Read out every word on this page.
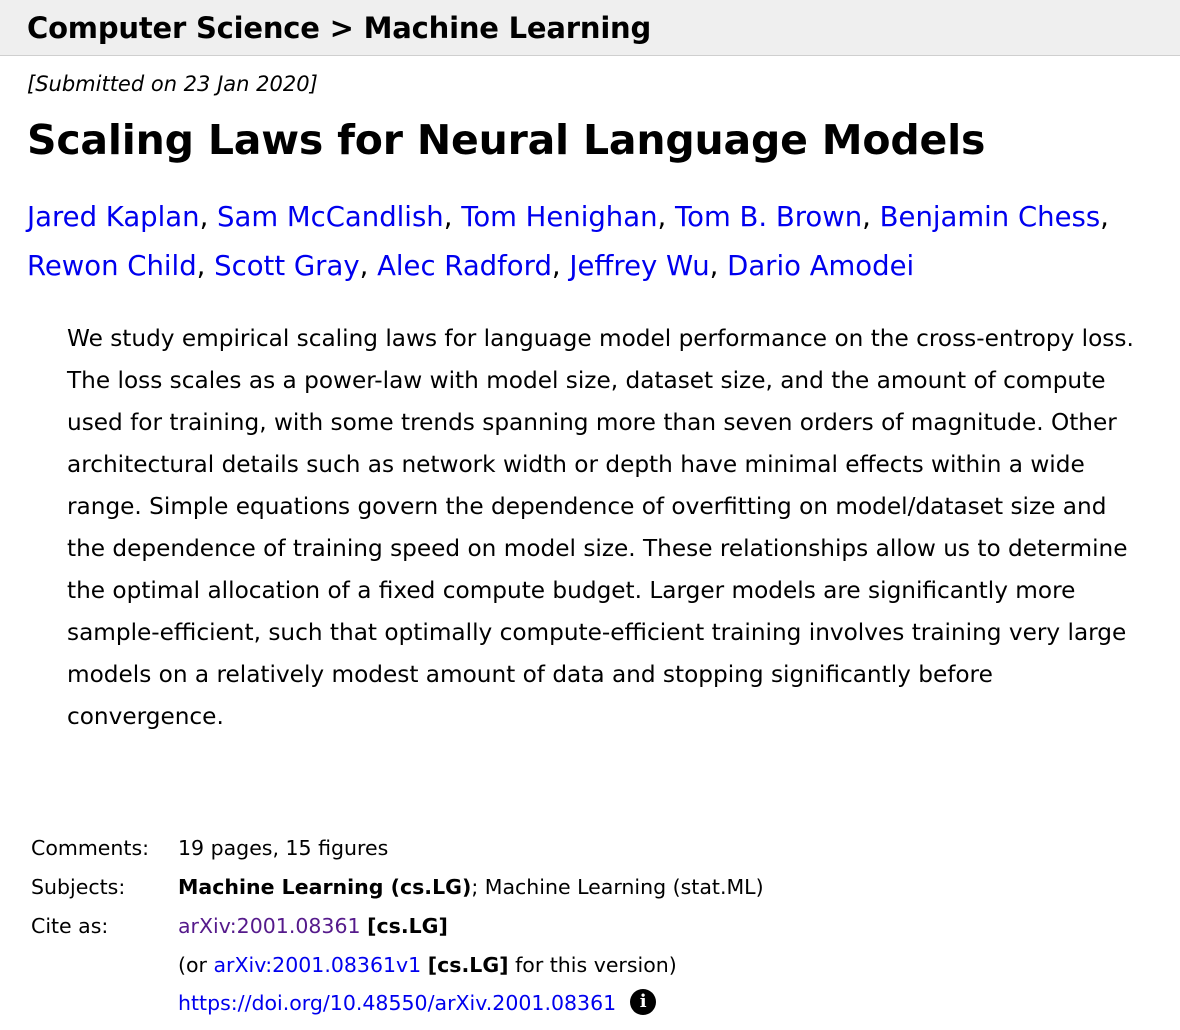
Computer Science > Machine Learning
[Submitted on 23 Jan 2020]
Scaling Laws for Neural Language Models
Jared Kaplan, Sam McCandlish, Tom Henighan, Tom B. Brown, Benjamin Chess, Rewon Child, Scott Gray, Alec Radford, Jeffrey Wu, Dario Amodei

We study empirical scaling laws for language model performance on the cross-entropy loss. The loss scales as a power-law with model size, dataset size, and the amount of compute used for training, with some trends spanning more than seven orders of magnitude. Other architectural details such as network width or depth have minimal effects within a wide range. Simple equations govern the dependence of overfitting on model/dataset size and the dependence of training speed on model size. These relationships allow us to determine the optimal allocation of a fixed compute budget. Larger models are significantly more sample-efficient, such that optimally compute-efficient training involves training very large models on a relatively modest amount of data and stopping significantly before convergence.

Comments:	19 pages, 15 figures
Subjects:	Machine Learning (cs.LG); Machine Learning (stat.ML)
Cite as:	arXiv:2001.08361 [cs.LG]
(or arXiv:2001.08361v1 [cs.LG] for this version)
https://doi.org/10.48550/arXiv.2001.08361 i
